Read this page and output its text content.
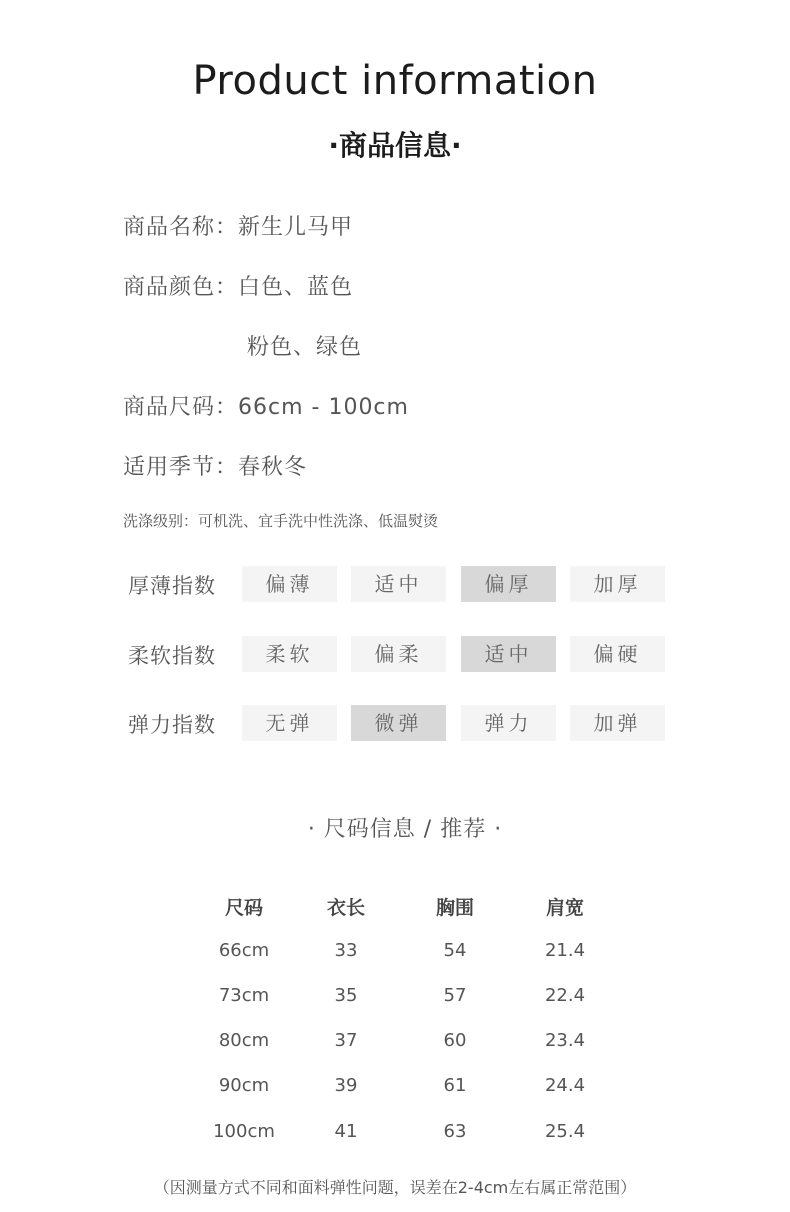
Product information
·商品信息·
商品名称：新生儿马甲
商品颜色：白色、蓝色
粉色、绿色
商品尺码：66cm - 100cm
适用季节：春秋冬
洗涤级别：可机洗、宜手洗中性洗涤、低温熨烫
厚薄指数	偏薄	适中	偏厚	加厚
柔软指数	柔软	偏柔	适中	偏硬
弹力指数	无弹	微弹	弹力	加弹
· 尺码信息 / 推荐 ·
尺码	衣长	胸围	肩宽
66cm	33	54	21.4
73cm	35	57	22.4
80cm	37	60	23.4
90cm	39	61	24.4
100cm	41	63	25.4
（因测量方式不同和面料弹性问题，误差在2-4cm左右属正常范围）
